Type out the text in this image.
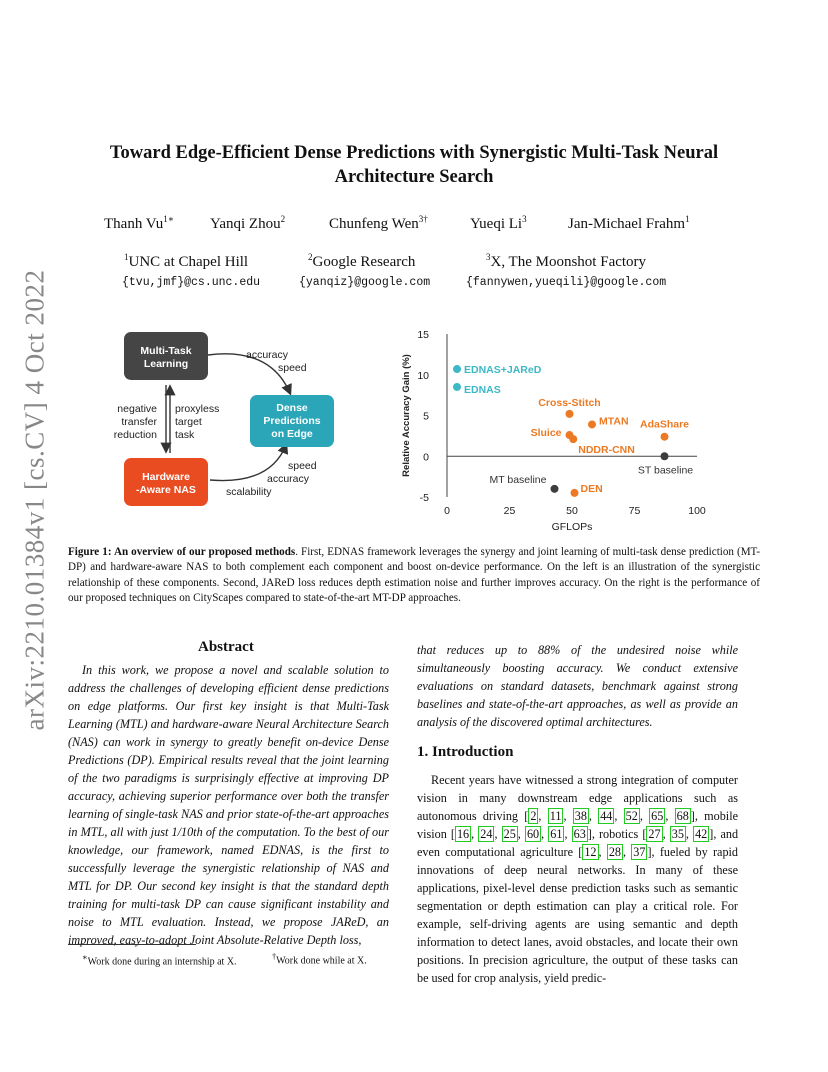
arXiv:2210.01384v1 [cs.CV] 4 Oct 2022
Toward Edge-Efficient Dense Predictions with Synergistic Multi-Task Neural
Architecture Search
Thanh $Vu^{1∗}$ Yanqi Zhou$^2$	Chunfeng Wen$^{3\dagger}$	Yueqi Li$^3$	Jan-Michael Frahm$^1$
$^1$UNC at Chapel Hill	$^2$Google Research	$^3$X, The Moonshot Factory
{tvu,jmf}@cs.unc.edu	{yanqiz}@google.com	{fannywen,yueqili}@google.com
Multi-Task
Learning
Dense
Predictions
on Edge
Hardware
-Aware NAS
accuracy
speed
negative
transfer
reduction
proxyless
target
task
speed
accuracy
scalability	-5
0
5
10
15
0	25	50	75	100
EDNAS+JAReD
EDNAS
Cross-Stitch
MTAN
Sluice
NDDR-CNN
AdaShare
ST baseline
MT baseline
DEN
GFLOPs
Relative Accuracy Gain (%)
Figure 1: An overview of our proposed methods. First, EDNAS framework leverages the synergy and joint learning of multi-task dense prediction (MT-DP) and hardware-aware NAS to both complement each component and boost on-device performance. On the left is an illustration of the synergistic relationship of these components. Second, JAReD loss reduces depth estimation noise and further improves accuracy. On the right is the performance of our proposed techniques on CityScapes compared to state-of-the-art MT-DP approaches.
Abstract

In this work, we propose a novel and scalable solution to address the challenges of developing efficient dense predictions on edge platforms. Our first key insight is that Multi-Task Learning (MTL) and hardware-aware Neural Architecture Search (NAS) can work in synergy to greatly benefit on-device Dense Predictions (DP). Empirical results reveal that the joint learning of the two paradigms is surprisingly effective at improving DP accuracy, achieving superior performance over both the transfer learning of single-task NAS and prior state-of-the-art approaches in MTL, all with just 1/10th of the computation. To the best of our knowledge, our framework, named EDNAS, is the first to successfully leverage the synergistic relationship of NAS and MTL for DP. Our second key insight is that the standard depth training for multi-task DP can cause significant instability and noise to MTL evaluation. Instead, we propose JAReD, an improved, easy-to-adopt Joint Absolute-Relative Depth loss,

that reduces up to 88% of the undesired noise while simultaneously boosting accuracy. We conduct extensive evaluations on standard datasets, benchmark against strong baselines and state-of-the-art approaches, as well as provide an analysis of the discovered optimal architectures.

1. Introduction

Recent years have witnessed a strong integration of computer vision in many downstream edge applications such as autonomous driving [ 2 , 11 , 38 , 44 , 52 , 65 , 68 ], mobile vision [ 16 , 24 , 25 , 60 , 61 , 63 ], robotics [ 27 , 35 , 42 ], and even computational agriculture [ 12 , 28 , 37 ], fueled by rapid innovations of deep neural networks. In many of these applications, pixel-level dense prediction tasks such as semantic segmentation or depth estimation can play a critical role. For example, self-driving agents are using semantic and depth information to detect lanes, avoid obstacles, and locate their own positions. In precision agriculture, the output of these tasks can be used for crop analysis, yield predic-

∗Work done during an internship at X.	†Work done while at X.
